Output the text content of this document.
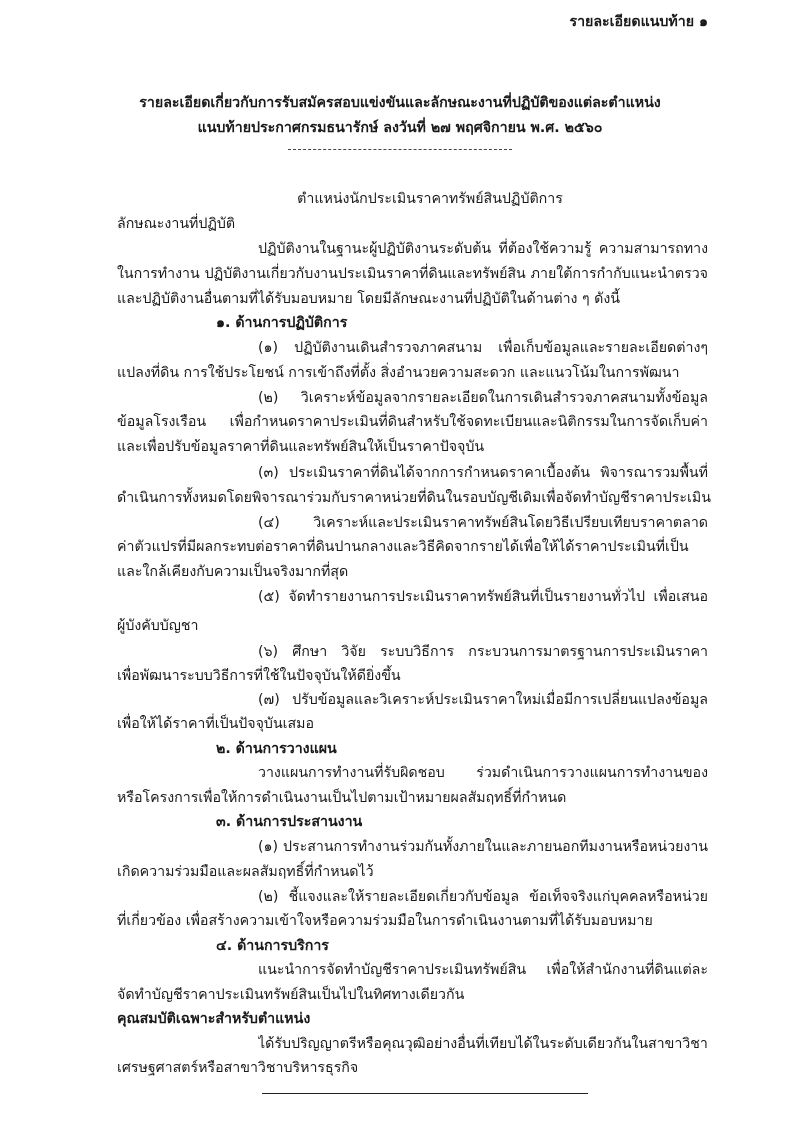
รายละเอียดแนบท้าย ๑
รายละเอียดเกี่ยวกับการรับสมัครสอบแข่งขันและลักษณะงานที่ปฏิบัติของแต่ละตำแหน่ง
แนบท้ายประกาศกรมธนารักษ์ ลงวันที่ ๒๗ พฤศจิกายน พ.ศ. ๒๕๖๐
ตำแหน่งนักประเมินราคาทรัพย์สินปฏิบัติการ
ลักษณะงานที่ปฏิบัติ
ปฏิบัติงานในฐานะผู้ปฏิบัติงานระดับต้น ที่ต้องใช้ความรู้ ความสามารถทาง
ในการทำงาน ปฏิบัติงานเกี่ยวกับงานประเมินราคาที่ดินและทรัพย์สิน ภายใต้การกำกับแนะนำตรวจ
และปฏิบัติงานอื่นตามที่ได้รับมอบหมาย โดยมีลักษณะงานที่ปฏิบัติในด้านต่าง ๆ ดังนี้
๑. ด้านการปฏิบัติการ
(๑) ปฏิบัติงานเดินสำรวจภาคสนาม เพื่อเก็บข้อมูลและรายละเอียดต่างๆ
แปลงที่ดิน การใช้ประโยชน์ การเข้าถึงที่ตั้ง สิ่งอำนวยความสะดวก และแนวโน้มในการพัฒนา
(๒) วิเคราะห์ข้อมูลจากรายละเอียดในการเดินสำรวจภาคสนามทั้งข้อมูล
ข้อมูลโรงเรือน เพื่อกำหนดราคาประเมินที่ดินสำหรับใช้จดทะเบียนและนิติกรรมในการจัดเก็บค่า
และเพื่อปรับข้อมูลราคาที่ดินและทรัพย์สินให้เป็นราคาปัจจุบัน
(๓) ประเมินราคาที่ดินได้จากการกำหนดราคาเบื้องต้น พิจารณารวมพื้นที่
ดำเนินการทั้งหมดโดยพิจารณาร่วมกับราคาหน่วยที่ดินในรอบบัญชีเดิมเพื่อจัดทำบัญชีราคาประเมิน
(๔) วิเคราะห์และประเมินราคาทรัพย์สินโดยวิธีเปรียบเทียบราคาตลาด
ค่าตัวแปรที่มีผลกระทบต่อราคาที่ดินปานกลางและวิธีคิดจากรายได้เพื่อให้ได้ราคาประเมินที่เป็น
และใกล้เคียงกับความเป็นจริงมากที่สุด
(๕) จัดทำรายงานการประเมินราคาทรัพย์สินที่เป็นรายงานทั่วไป เพื่อเสนอ
ผู้บังคับบัญชา
(๖) ศึกษา วิจัย ระบบวิธีการ กระบวนการมาตรฐานการประเมินราคา
เพื่อพัฒนาระบบวิธีการที่ใช้ในปัจจุบันให้ดียิ่งขึ้น
(๗) ปรับข้อมูลและวิเคราะห์ประเมินราคาใหม่เมื่อมีการเปลี่ยนแปลงข้อมูล
เพื่อให้ได้ราคาที่เป็นปัจจุบันเสมอ
๒. ด้านการวางแผน
วางแผนการทำงานที่รับผิดชอบ ร่วมดำเนินการวางแผนการทำงานของ
หรือโครงการเพื่อให้การดำเนินงานเป็นไปตามเป้าหมายผลสัมฤทธิ์ที่กำหนด
๓. ด้านการประสานงาน
(๑) ประสานการทำงานร่วมกันทั้งภายในและภายนอกทีมงานหรือหน่วยงาน
เกิดความร่วมมือและผลสัมฤทธิ์ที่กำหนดไว้
(๒) ชี้แจงและให้รายละเอียดเกี่ยวกับข้อมูล ข้อเท็จจริงแก่บุคคลหรือหน่วย
ที่เกี่ยวข้อง เพื่อสร้างความเข้าใจหรือความร่วมมือในการดำเนินงานตามที่ได้รับมอบหมาย
๔. ด้านการบริการ
แนะนำการจัดทำบัญชีราคาประเมินทรัพย์สิน เพื่อให้สำนักงานที่ดินแต่ละ
จัดทำบัญชีราคาประเมินทรัพย์สินเป็นไปในทิศทางเดียวกัน
คุณสมบัติเฉพาะสำหรับตำแหน่ง
ได้รับปริญญาตรีหรือคุณวุฒิอย่างอื่นที่เทียบได้ในระดับเดียวกันในสาขาวิชา
เศรษฐศาสตร์หรือสาขาวิชาบริหารธุรกิจ
